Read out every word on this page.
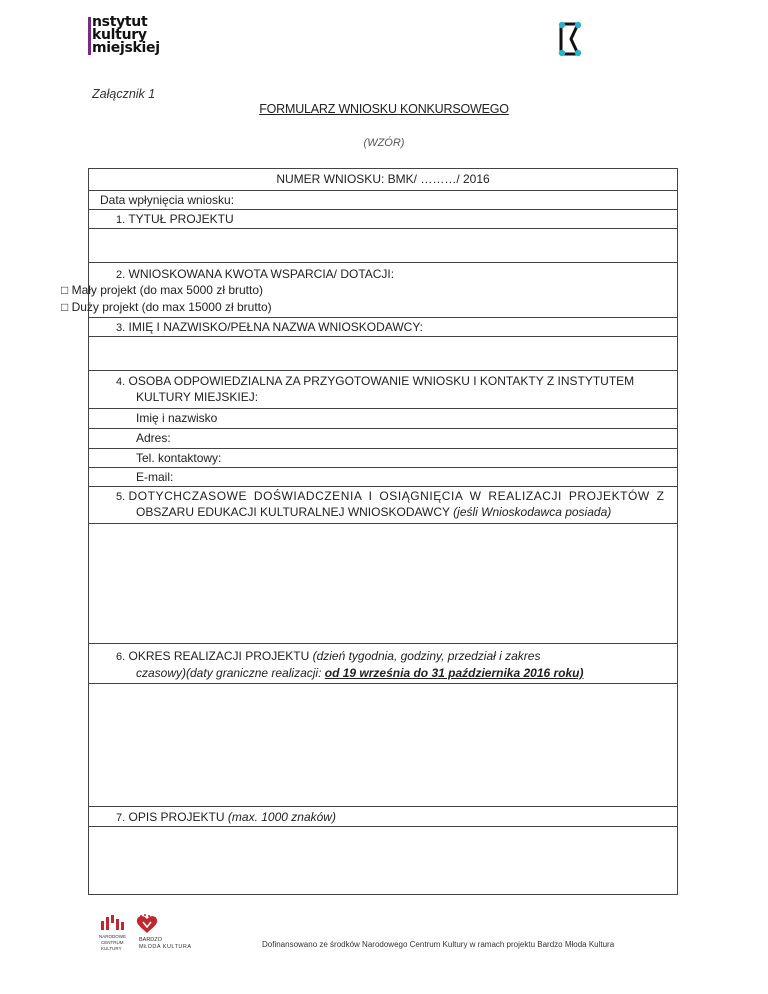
nstytut
kultury
miejskiej
Załącznik 1
FORMULARZ WNIOSKU KONKURSOWEGO
(WZÓR)
NUMER WNIOSKU: BMK/ ………/ 2016
Data wpłynięcia wniosku:
1. TYTUŁ PROJEKTU
2. WNIOSKOWANA KWOTA WSPARCIA/ DOTACJI:
□ Mały projekt (do max 5000 zł brutto)
□ Duży projekt (do max 15000 zł brutto)
3. IMIĘ I NAZWISKO/PEŁNA NAZWA WNIOSKODAWCY:
4. OSOBA ODPOWIEDZIALNA ZA PRZYGOTOWANIE WNIOSKU I KONTAKTY Z INSTYTUTEM
KULTURY MIEJSKIEJ:
Imię i nazwisko
Adres:
Tel. kontaktowy:
E-mail:
5. DOTYCHCZASOWE DOŚWIADCZENIA I OSIĄGNIĘCIA W REALIZACJI PROJEKTÓW Z
OBSZARU EDUKACJI KULTURALNEJ WNIOSKODAWCY (jeśli Wnioskodawca posiada)
6. OKRES REALIZACJI PROJEKTU (dzień tygodnia, godziny, przedział i zakres
czasowy)(daty graniczne realizacji: od 19 września do 31 października 2016 roku)
7. OPIS PROJEKTU (max. 1000 znaków)
NARODOWE
CENTRUM
KULTURY
BARDZO
MŁODA KULTURA	Dofinansowano ze środków Narodowego Centrum Kultury w ramach projektu Bardzo Młoda Kultura
